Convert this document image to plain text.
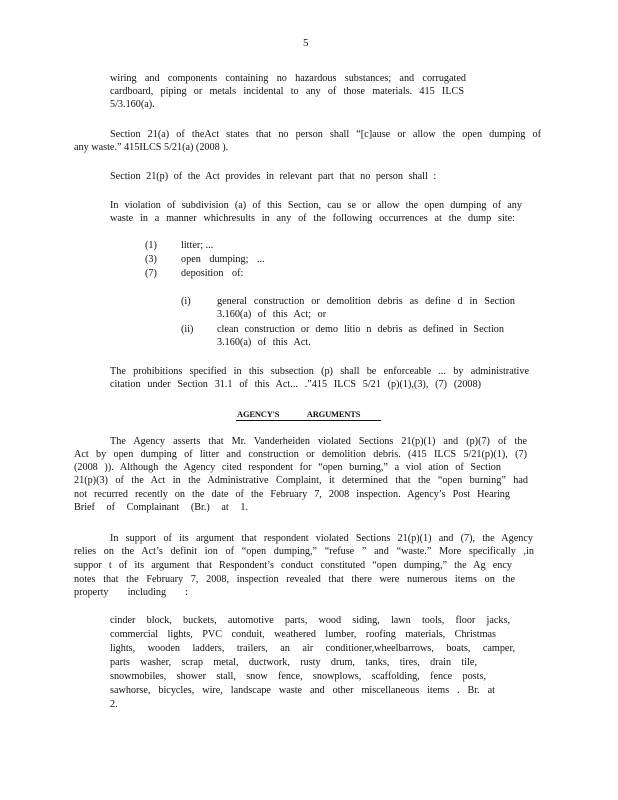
5
wiring and components containing no hazardous substances; and corrugated
cardboard, piping or metals incidental to any of those materials. 415 ILCS
5/3.160(a).
Section 21(a) of theAct states that no person shall “[c]ause or allow the open dumping of
any waste.” 415ILCS 5/21(a) (2008 ).
Section 21(p) of the Act provides in relevant part that no person shall :
In violation of subdivision (a) of this Section, cau se or allow the open dumping of any
waste in a manner whichresults in any of the following occurrences at the dump site:
(1) litter; ...
(3) open dumping; ...
(7) deposition of:
(i)	general construction or demolition debris as define d in Section
3.160(a) of this Act; or
(ii) clean construction or demo litio n debris as defined in Section
3.160(a) of this Act.
The prohibitions specified in this subsection (p) shall be enforceable ... by administrative
citation under Section 31.1 of this Act... .”415 ILCS 5/21 (p)(1),(3), (7) (2008)
AGENCY'S ARGUMENTS
The Agency asserts that Mr. Vanderheiden violated Sections 21(p)(1) and (p)(7) of the
Act by open dumping of litter and construction or demolition debris. (415 ILCS 5/21(p)(1), (7)
(2008 )). Although the Agency cited respondent for “open burning,” a viol ation of Section
21(p)(3) of the Act in the Administrative Complaint, it determined that the “open burning” had
not recurred recently on the date of the February 7, 2008 inspection. Agency’s Post Hearing
Brief of Complainant (Br.) at 1.
In support of its argument that respondent violated Sections 21(p)(1) and (7), the Agency
relies on the Act’s definit ion of “open dumping,” “refuse ” and “waste.” More specifically ,in
suppor t of its argument that Respondent’s conduct constituted “open dumping,” the Ag ency
notes that the February 7, 2008, inspection revealed that there were numerous items on the
property including :
cinder block, buckets, automotive parts, wood siding, lawn tools, floor jacks,
commercial lights, PVC conduit, weathered lumber, roofing materials, Christmas
lights, wooden ladders, trailers, an air conditioner,wheelbarrows, boats, camper,
parts washer, scrap metal, ductwork, rusty drum, tanks, tires, drain tile,
snowmobiles, shower stall, snow fence, snowplows, scaffolding, fence posts,
sawhorse, bicycles, wire, landscape waste and other miscellaneous items . Br. at
2.
